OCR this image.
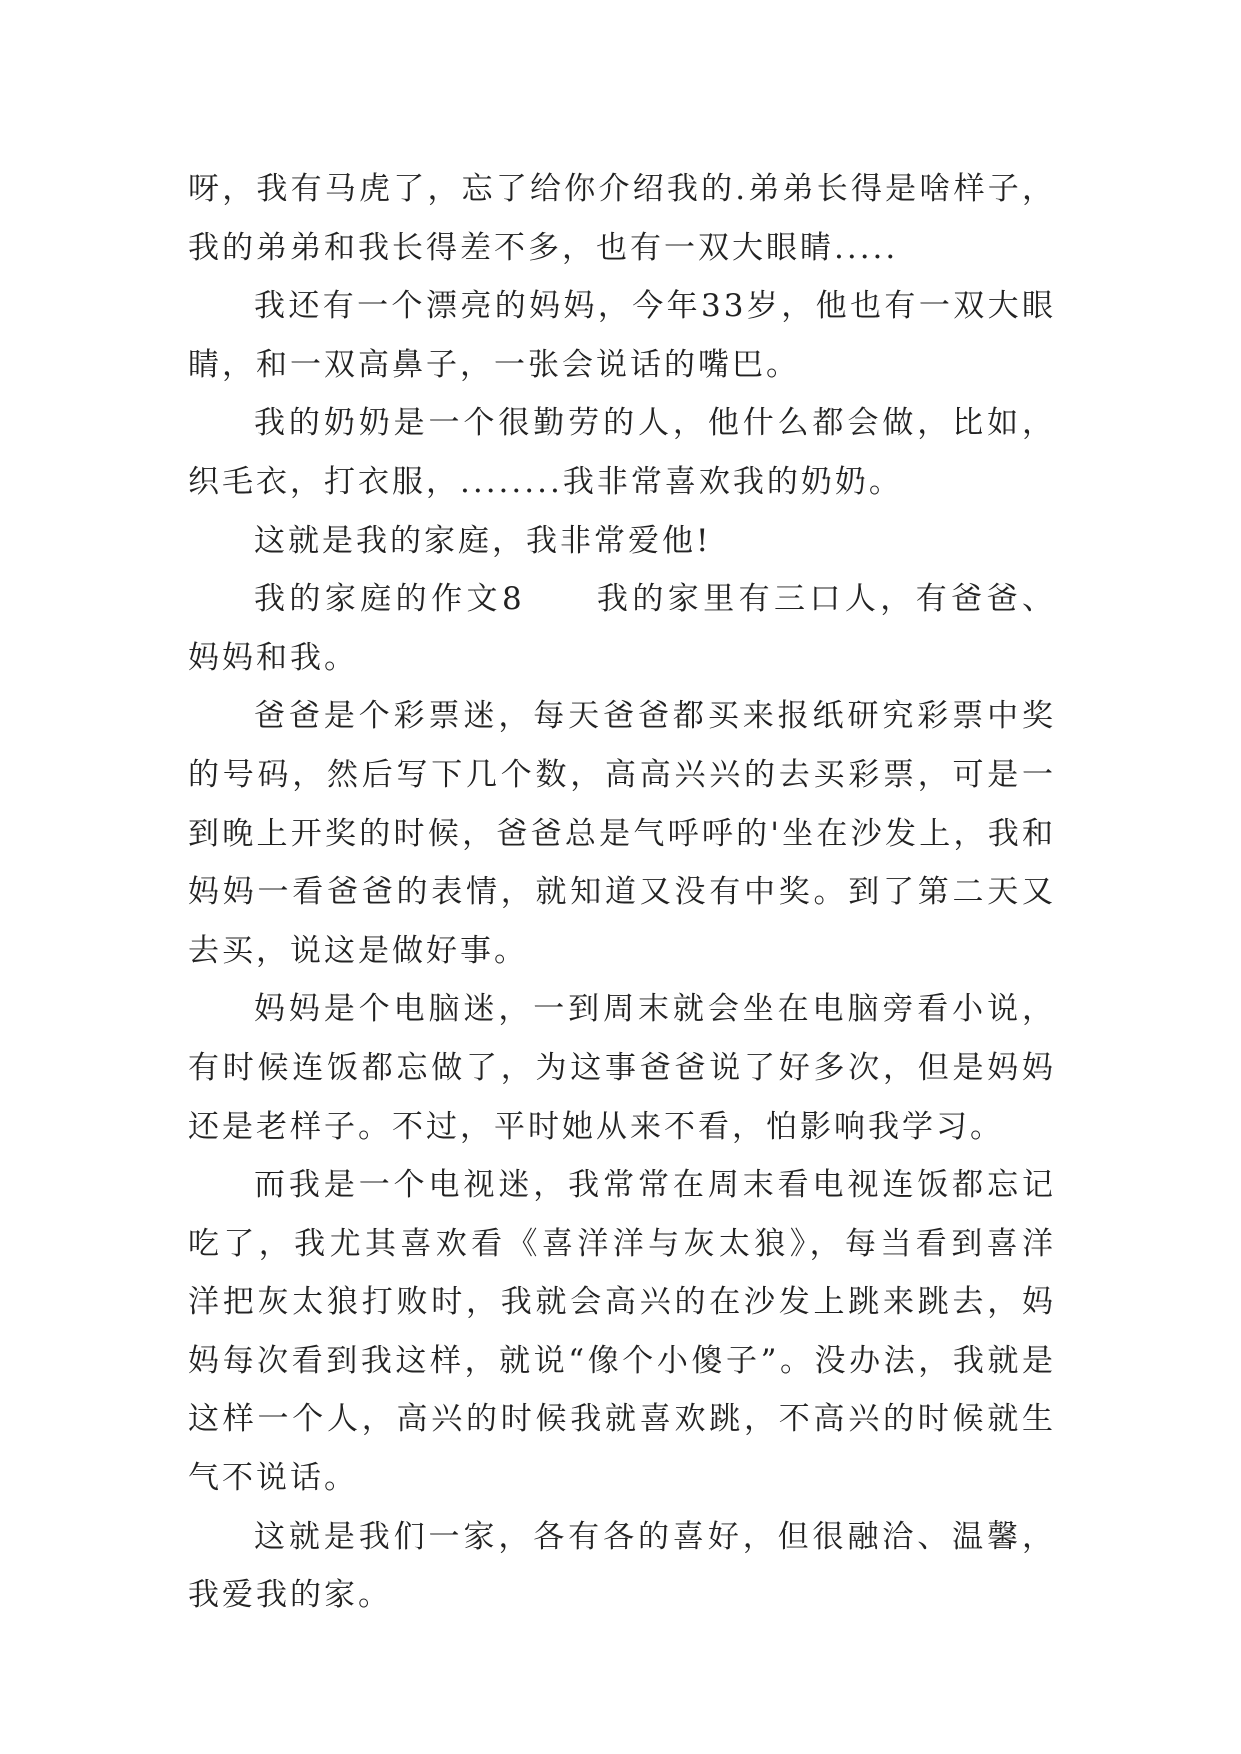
呀，我有马虎了，忘了给你介绍我的.弟弟长得是啥样子，我的弟弟和我长得差不多，也有一双大眼睛.....

我还有一个漂亮的妈妈，今年33岁，他也有一双大眼睛，和一双高鼻子，一张会说话的嘴巴。

我的奶奶是一个很勤劳的人，他什么都会做，比如，织毛衣，打衣服，........我非常喜欢我的奶奶。

这就是我的家庭，我非常爱他!

我的家庭的作文8　　我的家里有三口人，有爸爸、妈妈和我。

爸爸是个彩票迷，每天爸爸都买来报纸研究彩票中奖的号码，然后写下几个数，高高兴兴的去买彩票，可是一到晚上开奖的时候，爸爸总是气呼呼的'坐在沙发上，我和妈妈一看爸爸的表情，就知道又没有中奖。到了第二天又去买，说这是做好事。

妈妈是个电脑迷，一到周末就会坐在电脑旁看小说，有时候连饭都忘做了，为这事爸爸说了好多次，但是妈妈还是老样子。不过，平时她从来不看，怕影响我学习。

而我是一个电视迷，我常常在周末看电视连饭都忘记吃了，我尤其喜欢看《喜洋洋与灰太狼》，每当看到喜洋洋把灰太狼打败时，我就会高兴的在沙发上跳来跳去，妈妈每次看到我这样，就说“像个小傻子”。没办法，我就是这样一个人，高兴的时候我就喜欢跳，不高兴的时候就生气不说话。

这就是我们一家，各有各的喜好，但很融洽、温馨，我爱我的家。
